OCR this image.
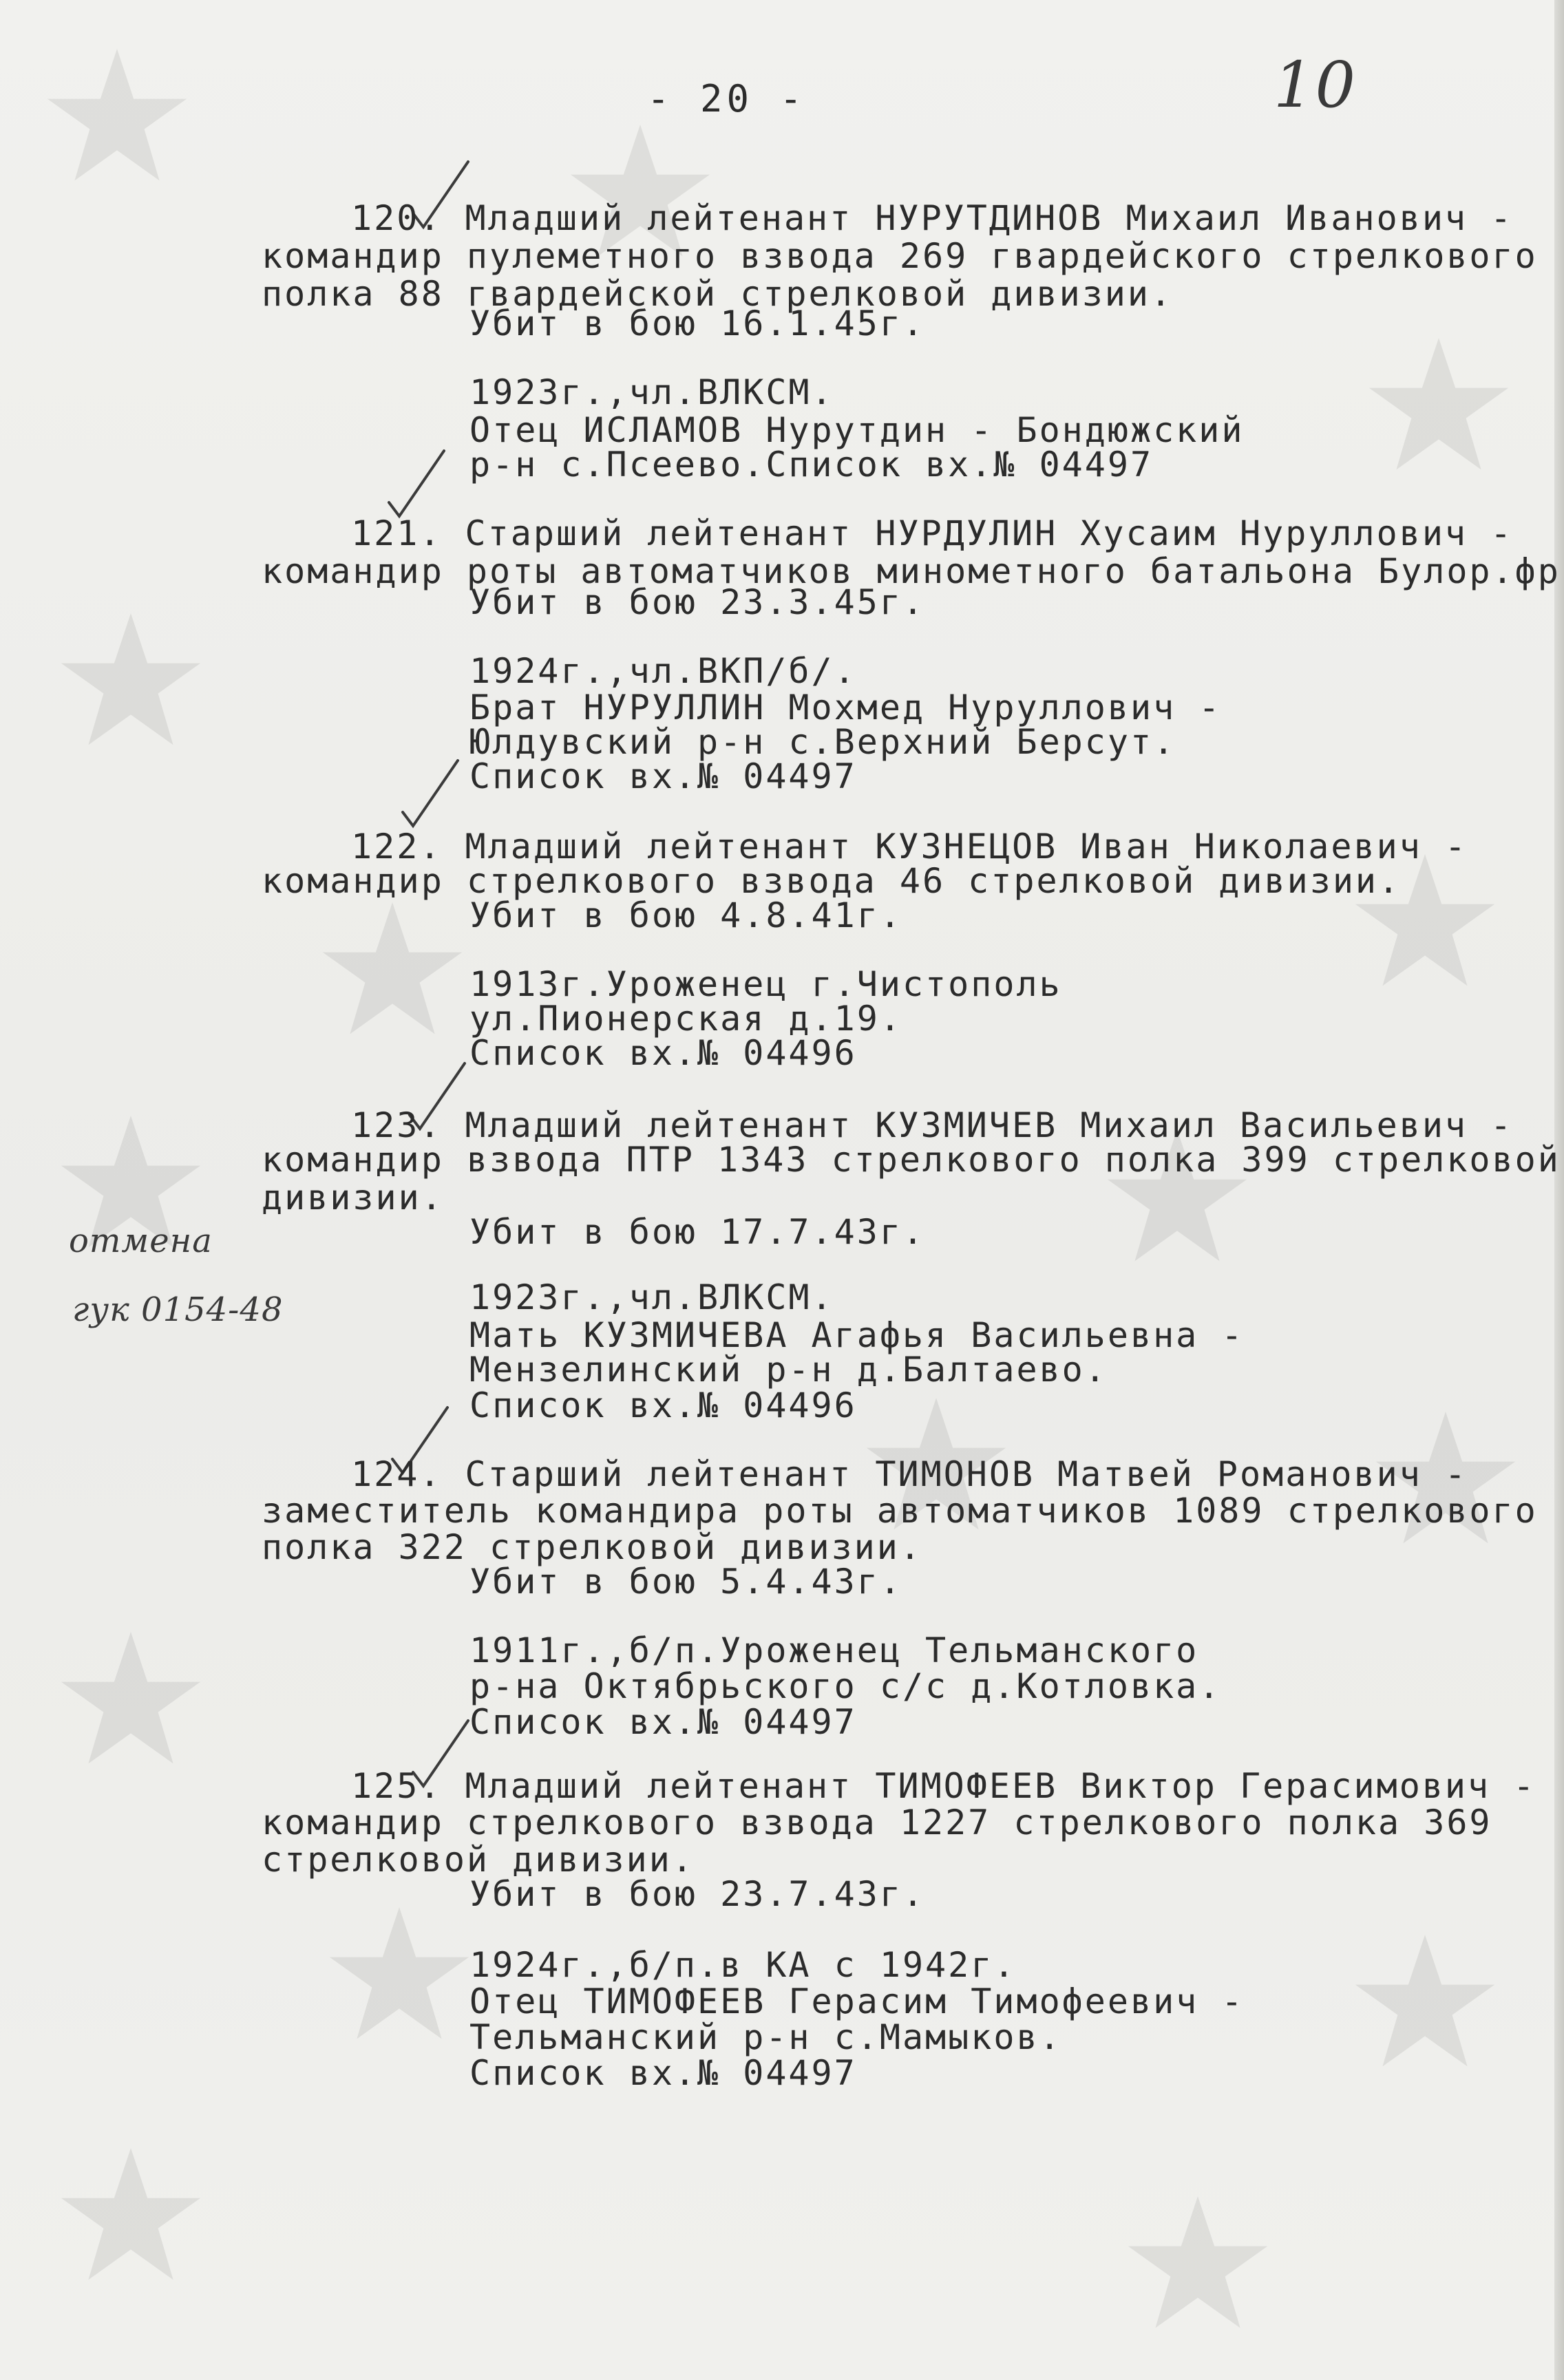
- 20 -	10
отмена
гук 0154-48
120. Младший лейтенант НУРУТДИНОВ Михаил Иванович -
командир пулеметного взвода 269 гвардейского стрелкового
полка 88 гвардейской стрелковой дивизии.
Убит в бою 16.1.45г.
1923г.,чл.ВЛКСМ.
Отец ИСЛАМОВ Нурутдин - Бондюжский
р-н с.Псеево.Список вх.№ 04497
121. Старший лейтенант НУРДУЛИН Хусаим Нуруллович -
командир роты автоматчиков минометного батальона Булор.фр
Убит в бою 23.3.45г.
1924г.,чл.ВКП/б/.
Брат НУРУЛЛИН Мохмед Нуруллович -
Юлдувский р-н с.Верхний Берсут.
Список вх.№ 04497
122. Младший лейтенант КУЗНЕЦОВ Иван Николаевич -
командир стрелкового взвода 46 стрелковой дивизии.
Убит в бою 4.8.41г.
1913г.Уроженец г.Чистополь
ул.Пионерская д.19.
Список вх.№ 04496
123. Младший лейтенант КУЗМИЧЕВ Михаил Васильевич -
командир взвода ПТР 1343 стрелкового полка 399 стрелковой
дивизии.
Убит в бою 17.7.43г.
1923г.,чл.ВЛКСМ.
Мать КУЗМИЧЕВА Агафья Васильевна -
Мензелинский р-н д.Балтаево.
Список вх.№ 04496
124. Старший лейтенант ТИМОНОВ Матвей Романович -
заместитель командира роты автоматчиков 1089 стрелкового
полка 322 стрелковой дивизии.
Убит в бою 5.4.43г.
1911г.,б/п.Уроженец Тельманского
р-на Октябрьского с/с д.Котловка.
Список вх.№ 04497
125. Младший лейтенант ТИМОФЕЕВ Виктор Герасимович -
командир стрелкового взвода 1227 стрелкового полка 369
стрелковой дивизии.
Убит в бою 23.7.43г.
1924г.,б/п.в КА с 1942г.
Отец ТИМОФЕЕВ Герасим Тимофеевич -
Тельманский р-н с.Мамыков.
Список вх.№ 04497
